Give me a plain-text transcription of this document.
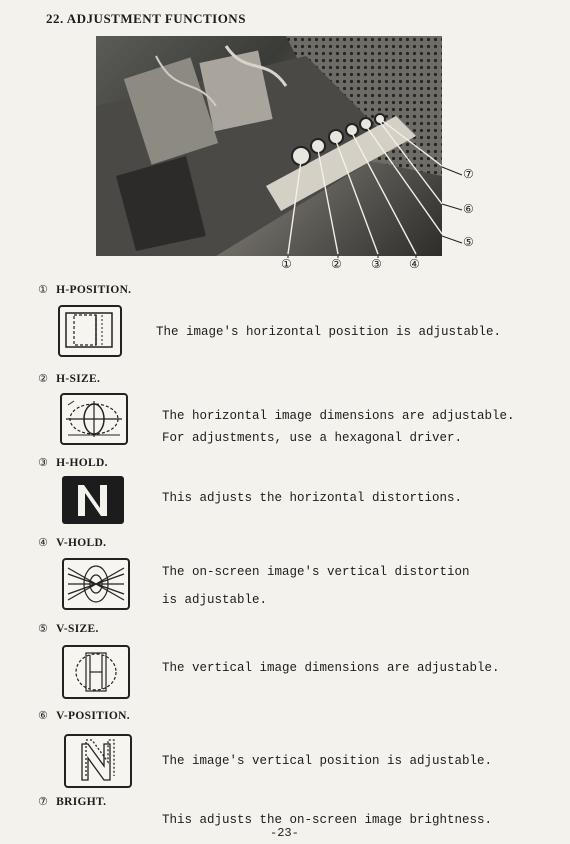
22. ADJUSTMENT FUNCTIONS
①	② ③ ④
⑤
⑥
⑦
① H-POSITION.
The image's horizontal position is adjustable.
② H-SIZE.
The horizontal image dimensions are adjustable.
For adjustments, use a hexagonal driver.
③ H-HOLD.
This adjusts the horizontal distortions.
④ V-HOLD.
The on-screen image's vertical distortion
is adjustable.
⑤ V-SIZE.
The vertical image dimensions are adjustable.
⑥ V-POSITION.
The image's vertical position is adjustable.
⑦ BRIGHT.
This adjusts the on-screen image brightness.
-23-
